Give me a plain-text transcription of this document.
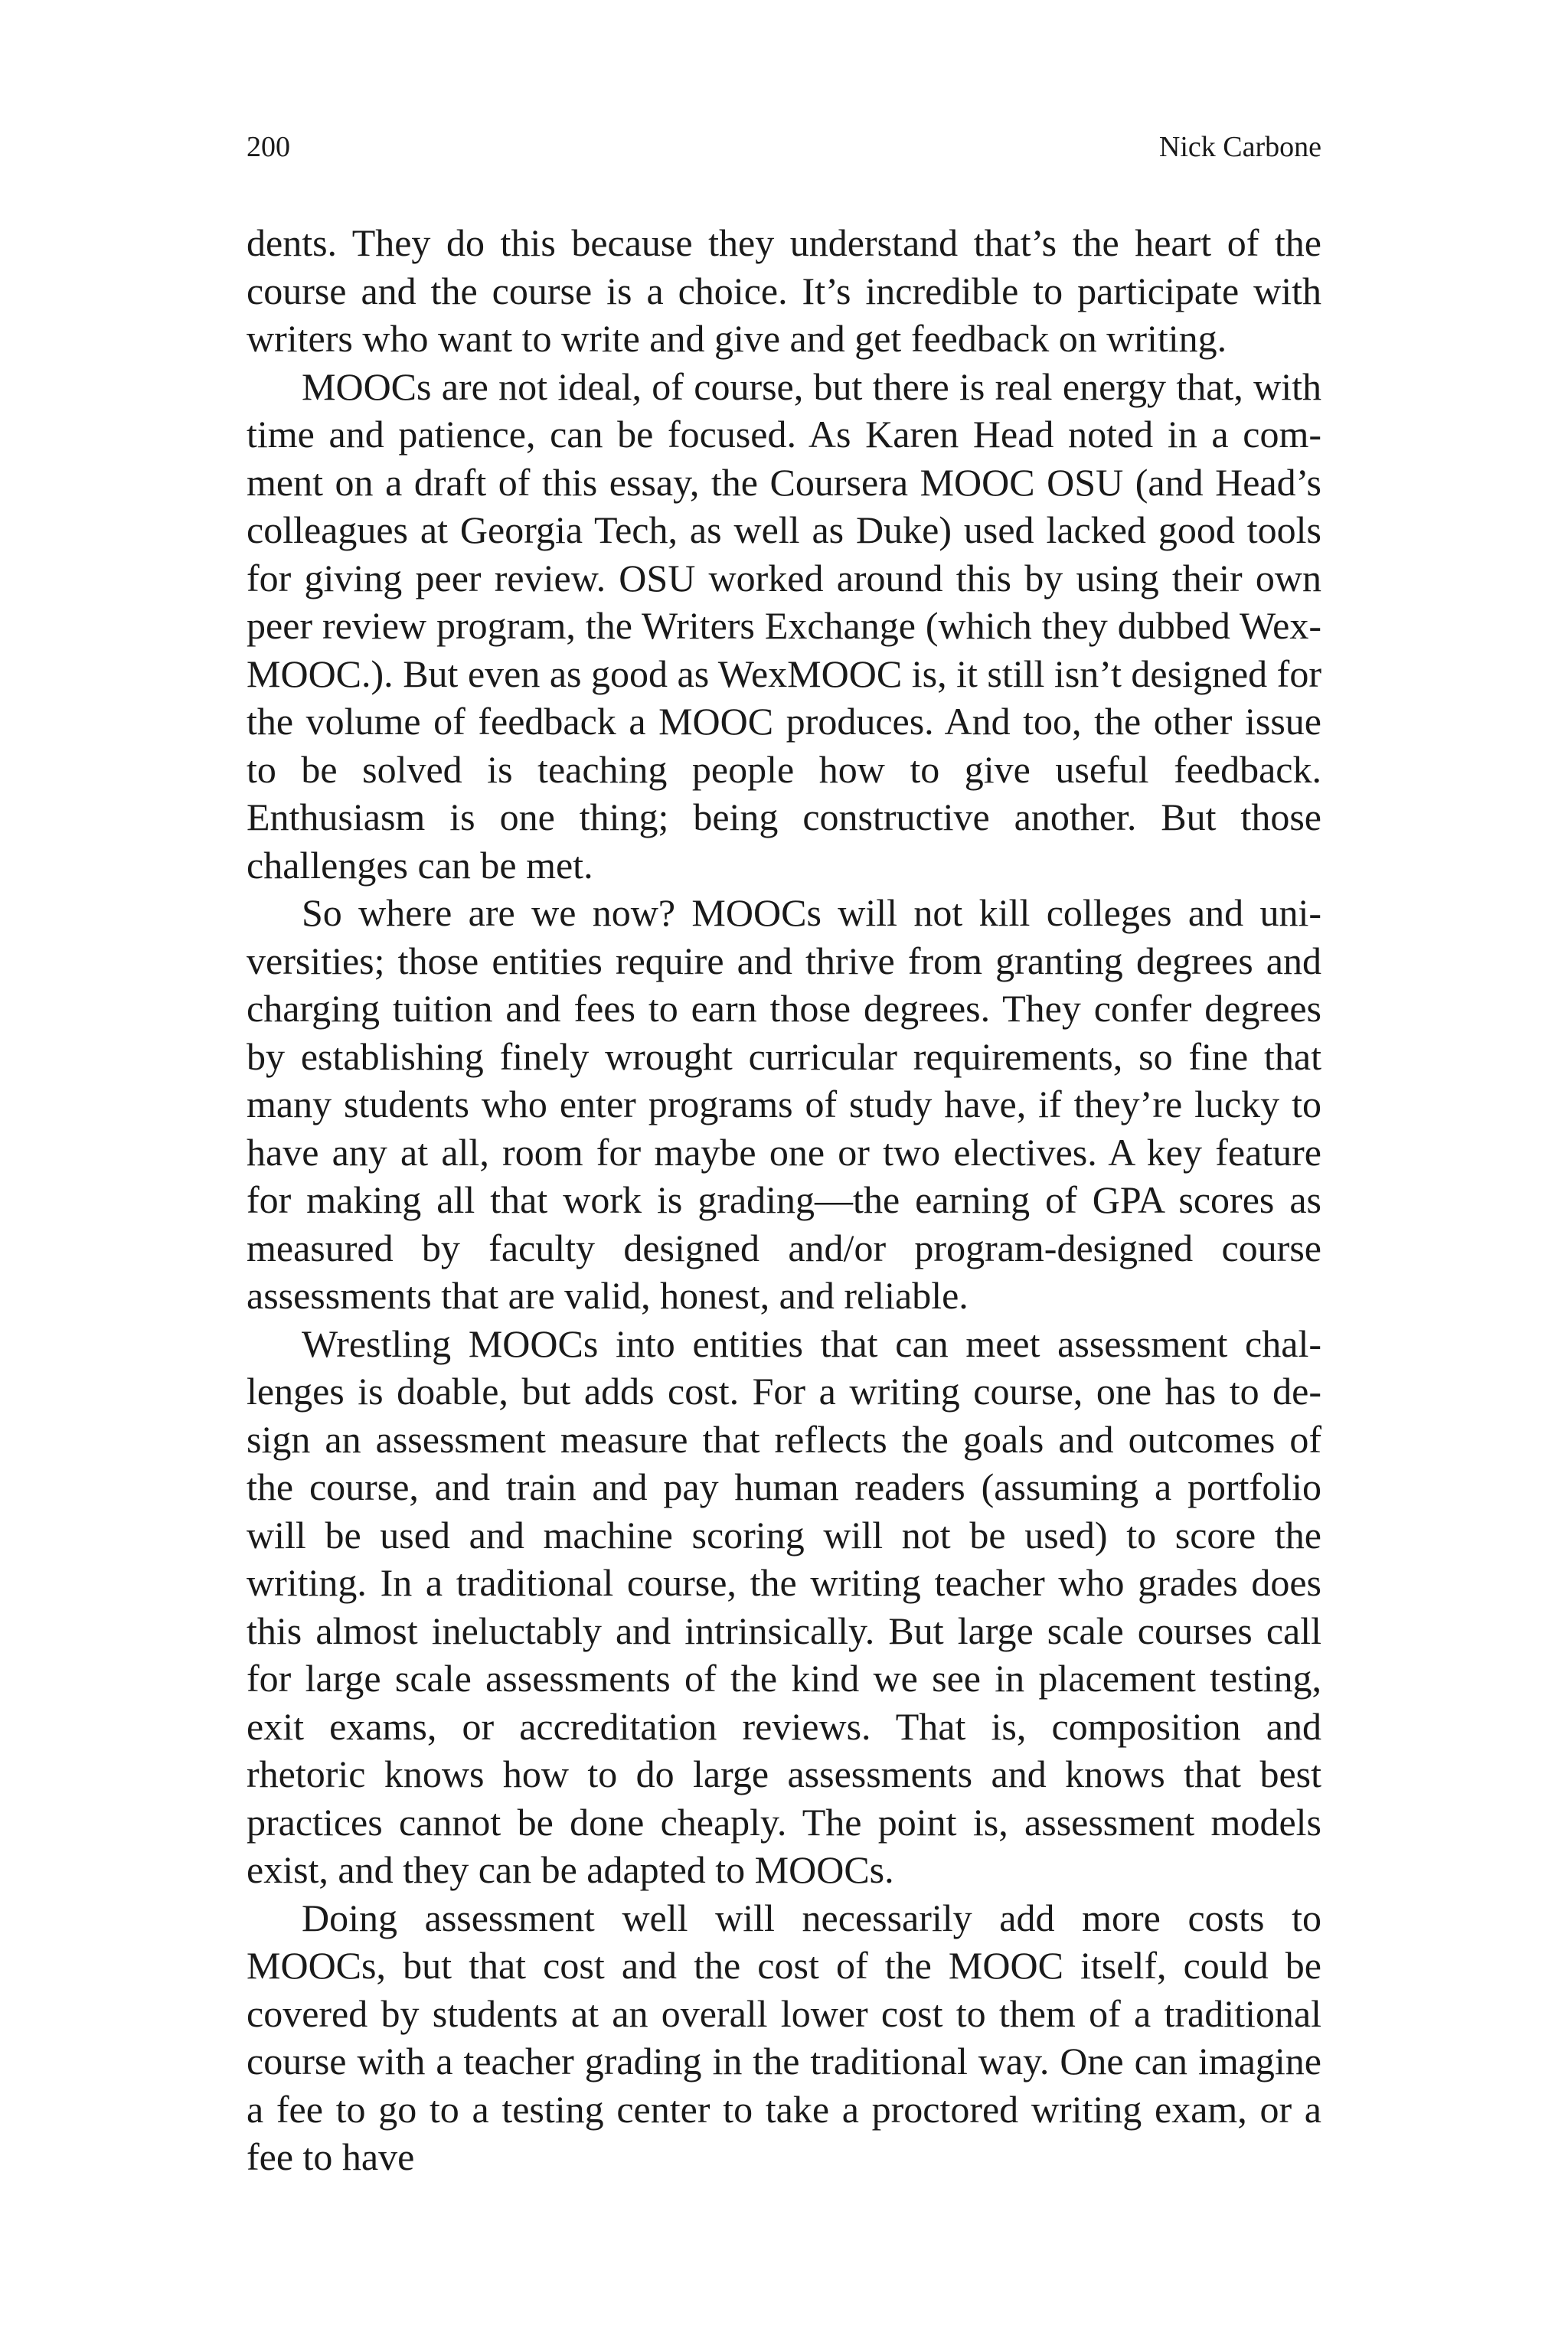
200	Nick Carbone

dents. They do this because they understand that’s the heart of the course and the course is a choice. It’s incredible to participate with writers who want to write and give and get feedback on writing.

MOOCs are not ideal, of course, but there is real energy that, with time and patience, can be focused. As Karen Head noted in a comment on a draft of this essay, the Coursera MOOC OSU (and Head’s colleagues at Georgia Tech, as well as Duke) used lacked good tools for giving peer review. OSU worked around this by using their own peer review program, the Writers Exchange (which they dubbed WexMOOC.). But even as good as WexMOOC is, it still isn’t designed for the volume of feedback a MOOC produces. And too, the other issue to be solved is teaching people how to give useful feedback. Enthusiasm is one thing; being constructive another. But those challenges can be met.

So where are we now? MOOCs will not kill colleges and universities; those entities require and thrive from granting degrees and charging tuition and fees to earn those degrees. They confer degrees by establishing finely wrought curricular requirements, so fine that many students who enter programs of study have, if they’re lucky to have any at all, room for maybe one or two electives. A key feature for making all that work is grading—the earning of GPA scores as measured by faculty designed and/or program-designed course assessments that are valid, honest, and reliable.

Wrestling MOOCs into entities that can meet assessment challenges is doable, but adds cost. For a writing course, one has to design an assessment measure that reflects the goals and outcomes of the course, and train and pay human readers (assuming a portfolio will be used and machine scoring will not be used) to score the writing. In a traditional course, the writing teacher who grades does this almost ineluctably and intrinsically. But large scale courses call for large scale assessments of the kind we see in placement testing, exit exams, or accreditation reviews. That is, composition and rhetoric knows how to do large assessments and knows that best practices cannot be done cheaply. The point is, assessment models exist, and they can be adapted to MOOCs.

Doing assessment well will necessarily add more costs to MOOCs, but that cost and the cost of the MOOC itself, could be covered by students at an overall lower cost to them of a traditional course with a teacher grading in the traditional way. One can imagine a fee to go to a testing center to take a proctored writing exam, or a fee to have
